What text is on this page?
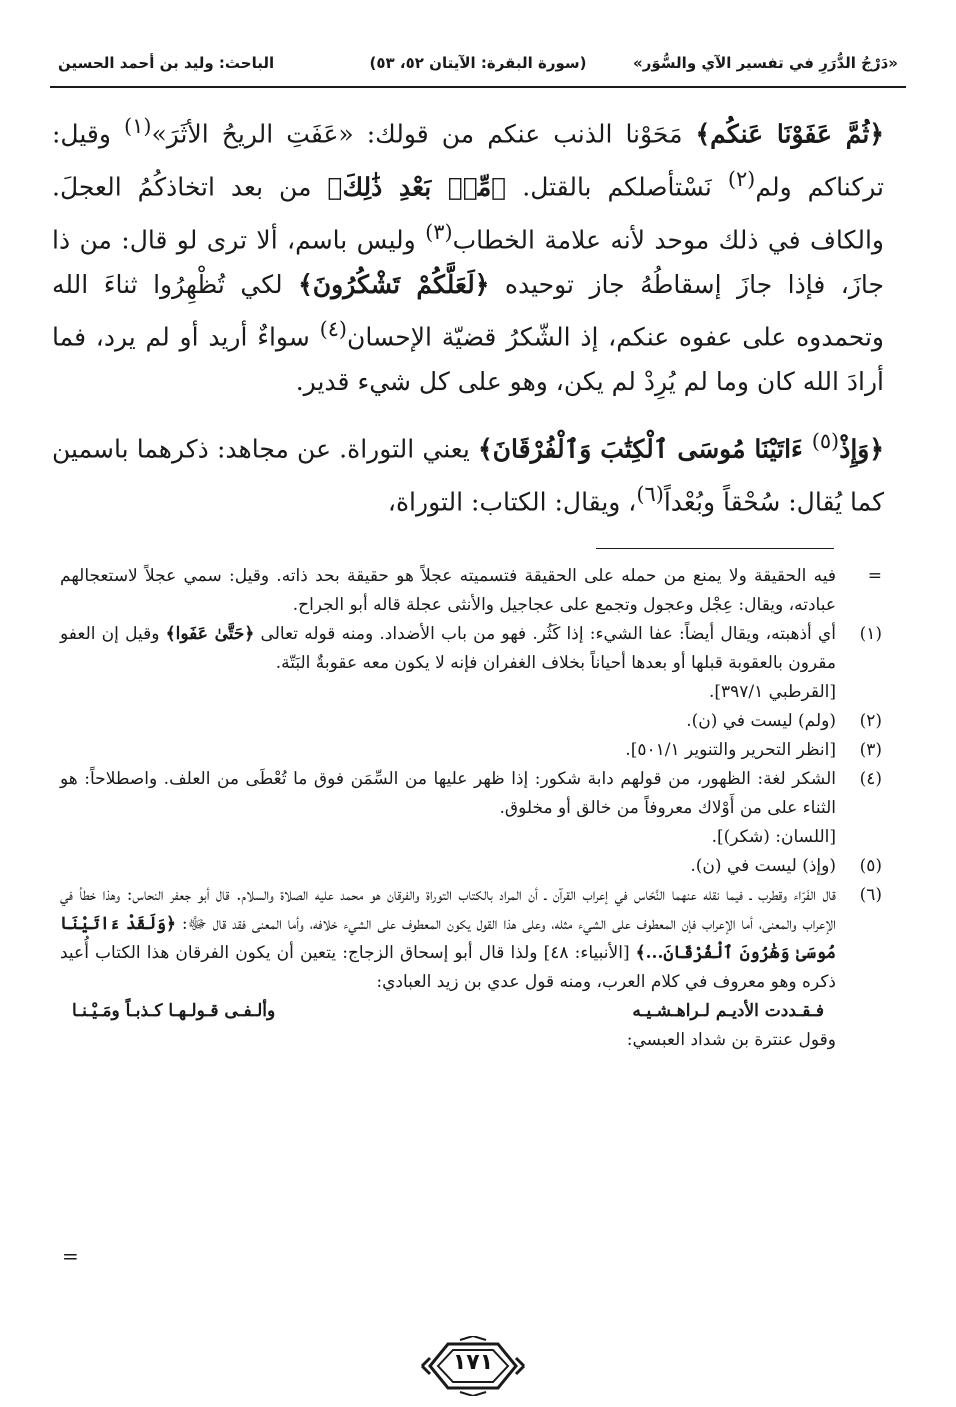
«دَرْجُ الدُّرَرِ في تفسير الآي والسُّوَر»
(سورة البقرة: الآيتان ٥٢، ٥٣)
الباحث: وليد بن أحمد الحسين

﴿ثُمَّ عَفَوْنَا عَنكُم﴾ مَحَوْنا الذنب عنكم من قولك: «عَفَتِ الريحُ الأثَرَ»$^{(١)}$ وقيل: تركناكم ولم$^{(٢)}$ نَسْتأصلكم بالقتل. ﴿مِّنۢ بَعْدِ ذَٰلِكَ﴾ من بعد اتخاذكُمُ العجلَ. والكاف في ذلك موحد لأنه علامة الخطاب$^{(٣)}$ وليس باسم، ألا ترى لو قال: من ذا جازَ، فإذا جازَ إسقاطُهُ جاز توحيده ﴿لَعَلَّكُمْ تَشْكُرُونَ﴾ لكي تُظْهِرُوا ثناءَ الله وتحمدوه على عفوه عنكم، إذ الشّكرُ قضيّة الإحسان$^{(٤)}$ سواءٌ أريد أو لم يرد، فما أرادَ الله كان وما لم يُرِدْ لم يكن، وهو على كل شيء قدير.

﴿وَإِذْ$^{(٥)}$ ءَاتَيْنَا مُوسَى ٱلْكِتَٰبَ وَٱلْفُرْقَانَ﴾ يعني التوراة. عن مجاهد: ذكرهما باسمين كما يُقال: سُحْقاً وبُعْداً$^{(٦)}$، ويقال: الكتاب: التوراة،

=
فيه الحقيقة ولا يمنع من حمله على الحقيقة فتسميته عجلاً هو حقيقة بحد ذاته. وقيل: سمي عجلاً لاستعجالهم عبادته، ويقال: عِجْل وعجول وتجمع على عجاجيل والأنثى عجلة قاله أبو الجراح.
(١)
أي أذهبته، ويقال أيضاً: عفا الشيء: إذا كَثُر. فهو من باب الأضداد. ومنه قوله تعالى ﴿حَتَّىٰ عَفَوا﴾ وقيل إن العفو مقرون بالعقوبة قبلها أو بعدها أحياناً بخلاف الغفران فإنه لا يكون معه عقوبةٌ البَتّة.
[القرطبي ٣٩٧/١].
(٢)
(ولم) ليست في (ن).
(٣)
[انظر التحرير والتنوير ٥٠١/١].
(٤)
الشكر لغة: الظهور، من قولهم دابة شكور: إذا ظهر عليها من السِّمَن فوق ما تُعْطَى من العلف. واصطلاحاً: هو الثناء على من أَوْلاك معروفاً من خالق أو مخلوق.
[اللسان: (شكر)].
(٥)
(وإذ) ليست في (ن).
(٦)
قال الفَرّاء وقطرب ـ فيما نقله عنهما النَّحّاس في إعراب القرآن ـ أن المراد بالكتاب التوراة والفرقان هو محمد عليه الصلاة والسلام. قال أبو جعفر النحاس: وهذا خطأ في الإعراب والمعنى، أما الإعراب فإن المعطوف على الشيء مثله، وعلى هذا القول يكون المعطوف على الشيء خلافه، وأما المعنى فقد قال ﷻ: ﴿وَلَقَدْ ءَاتَيْنَا مُوسَىٰ وَهَٰرُونَ ٱلْفُرْقَانَ...﴾ [الأنبياء: ٤٨] ولذا قال أبو إسحاق الزجاج: يتعين أن يكون الفرقان هذا الكتاب أُعيد ذكره وهو معروف في كلام العرب، ومنه قول عدي بن زيد العبادي:
فـقـددت الأديـم لـراهـشـيـه
وألـفـى قـولـهـا كـذبـاً ومَـيْـنـا
وقول عنترة بن شداد العبسي:
=
١٧١
